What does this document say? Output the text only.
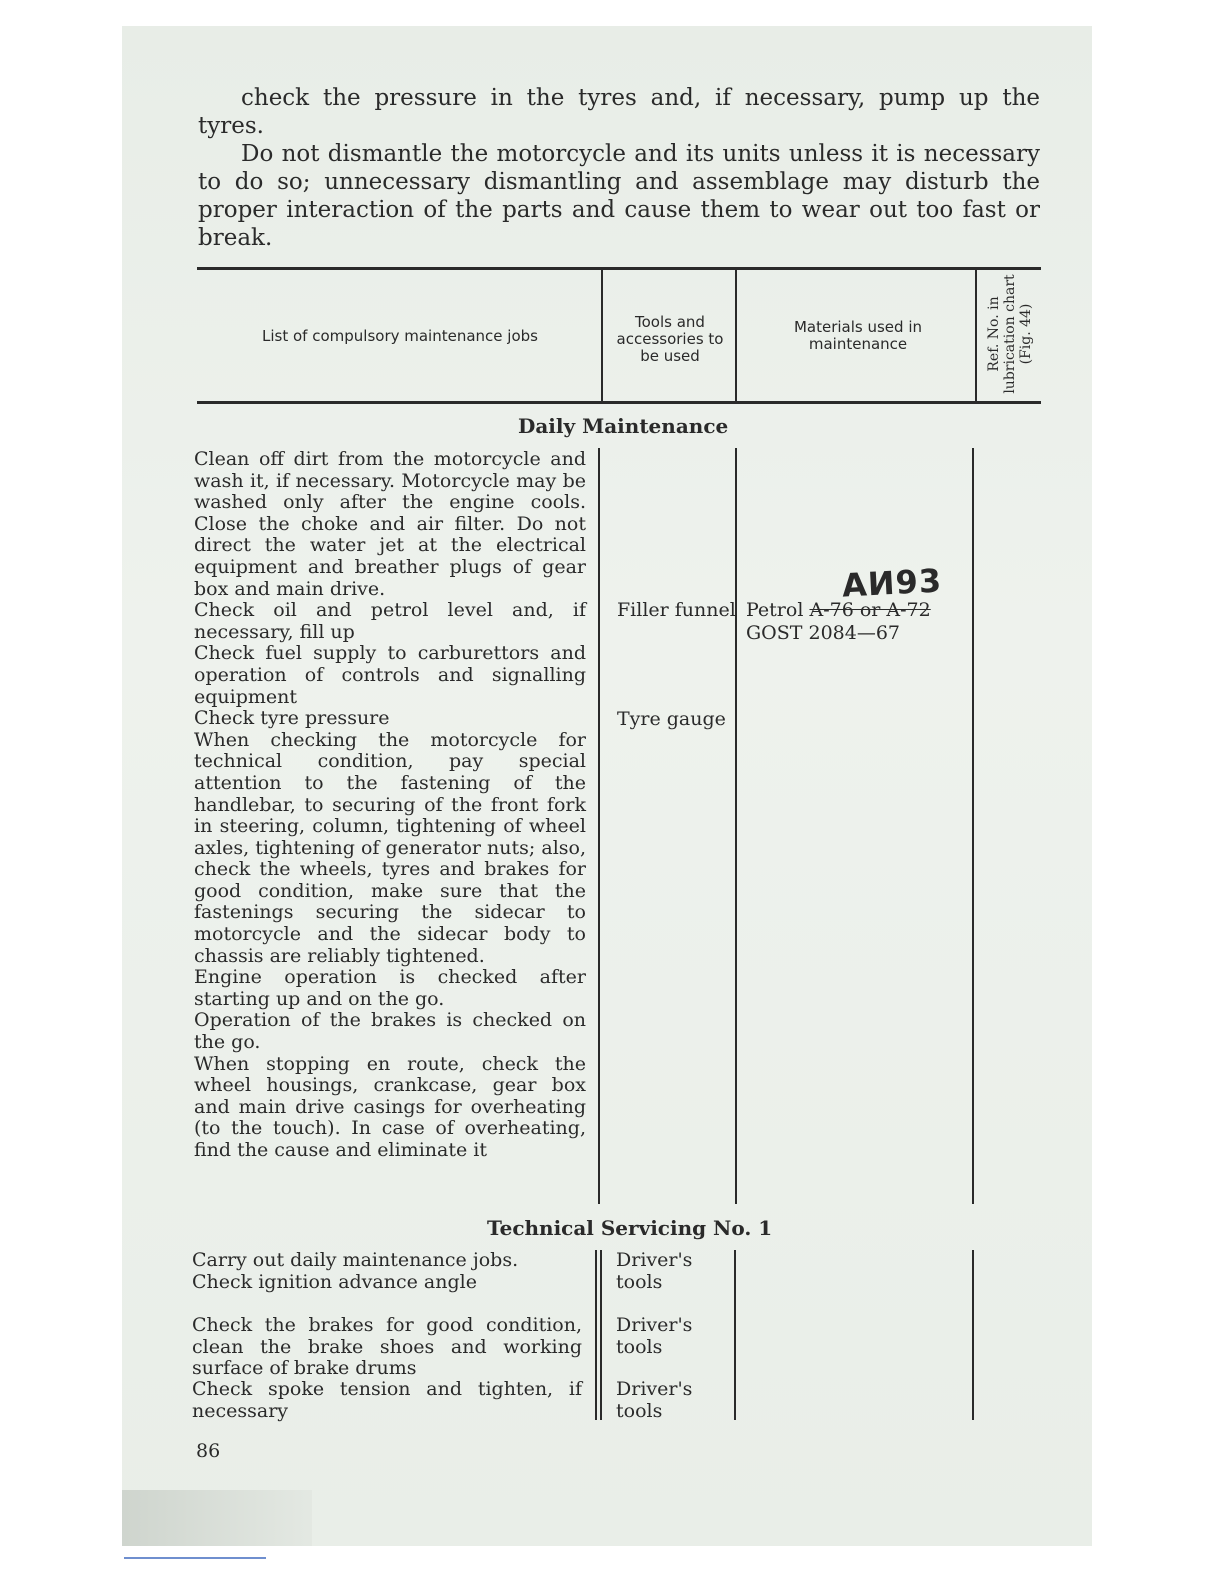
check the pressure in the tyres and, if necessary, pump up the tyres.

Do not dismantle the motorcycle and its units unless it is necessary to do so; unnecessary dismantling and assemblage may disturb the proper interaction of the parts and cause them to wear out too fast or break.

List of compulsory maintenance jobs
Tools and accessories to be used
Materials used in maintenance	Ref. No. in lubrication chart (Fig. 44)
Daily Maintenance
Clean off dirt from the motorcycle and wash it, if necessary. Motorcycle may be washed only after the engine cools. Close the choke and air filter. Do not direct the water jet at the electrical equipment and breather plugs of gear box and main drive.
Check oil and petrol level and, if necessary, fill up
Check fuel supply to carburettors and operation of controls and signalling equipment
Check tyre pressure
When checking the motorcycle for technical condition, pay special attention to the fastening of the handlebar, to securing of the front fork in steering, column, tightening of wheel axles, tightening of generator nuts; also, check the wheels, tyres and brakes for good condition, make sure that the fastenings securing the sidecar to motorcycle and the sidecar body to chassis are reliably tightened.
Engine operation is checked after starting up and on the go.
Operation of the brakes is checked on the go.
When stopping en route, check the wheel housings, crankcase, gear box and main drive casings for overheating (to the touch). In case of overheating, find the cause and eliminate it
Filler funnel
Tyre gauge
АИ93
Petrol A-76 or A-72
GOST 2084—67
Technical Servicing No. 1
Carry out daily maintenance jobs.
Check ignition advance angle
Check the brakes for good condition, clean the brake shoes and working surface of brake drums
Check spoke tension and tighten, if necessary
Driver's tools
Driver's tools
Driver's tools
86
